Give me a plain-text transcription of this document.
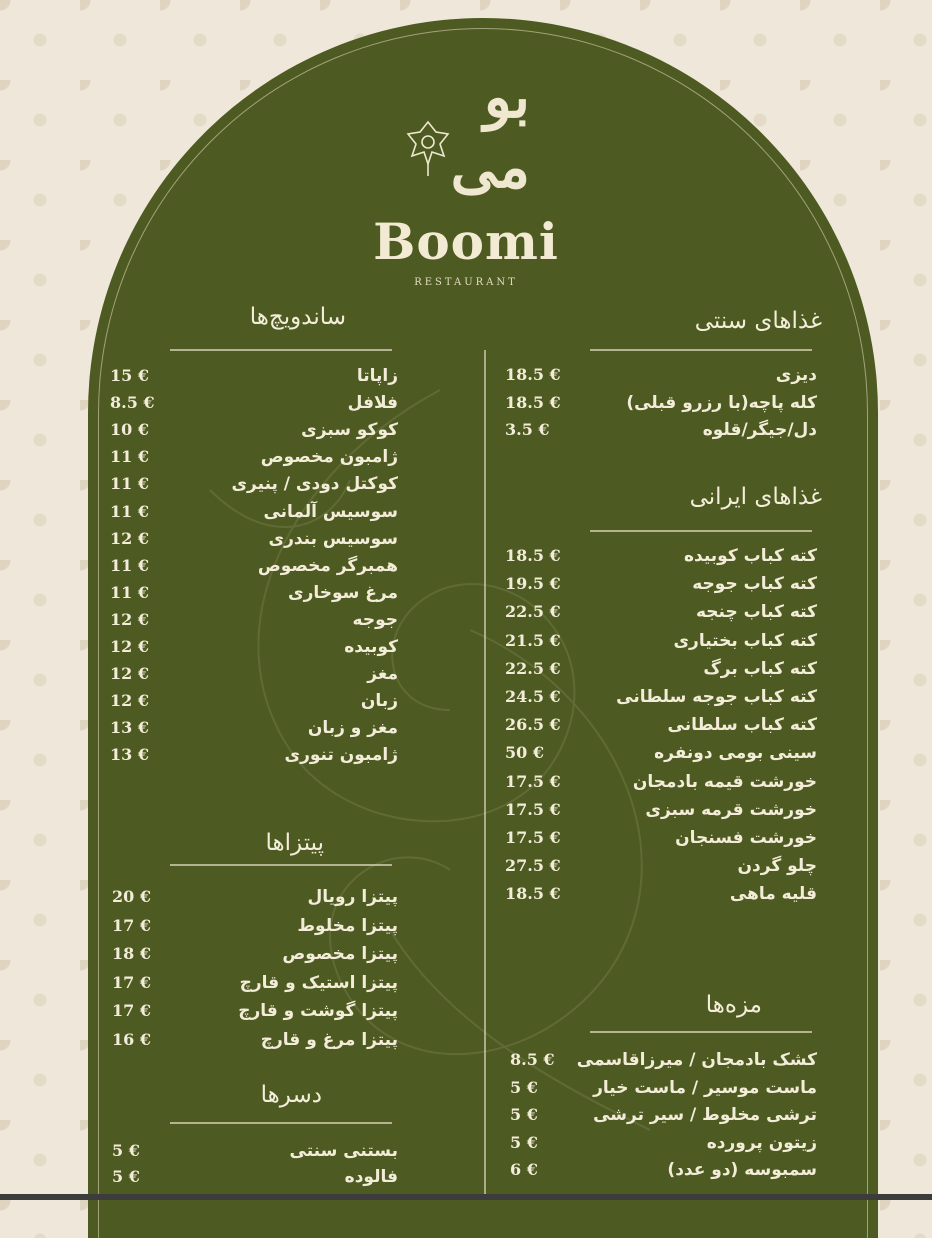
بو
می
Boomi
RESTAURANT
غذاهای سنتی
غذاهای ایرانی
مزه‌ها
ساندویچ‌ها
پیتزاها
دسرها
دیزی
18.5 €
کله پاچه(با رزرو قبلی)
18.5 €
دل/جیگر/قلوه
3.5 €
کته کباب کوبیده
18.5 €
کته کباب جوجه
19.5 €
کته کباب چنجه
22.5 €
کته کباب بختیاری
21.5 €
کته کباب برگ
22.5 €
کته کباب جوجه سلطانی
24.5 €
کته کباب سلطانی
26.5 €
سینی بومی دونفره
50 €
خورشت قیمه بادمجان
17.5 €
خورشت قرمه سبزی
17.5 €
خورشت فسنجان
17.5 €
چلو گردن
27.5 €
قلیه ماهی
18.5 €
کشک بادمجان / میرزاقاسمی
8.5 €
ماست موسیر / ماست خیار
5 €
ترشی مخلوط / سیر ترشی
5 €
زیتون پرورده
5 €
سمبوسه (دو عدد)
6 €
زاپاتا
15 €
فلافل
8.5 €
کوکو سبزی
10 €
ژامبون مخصوص
11 €
کوکتل دودی / پنیری
11 €
سوسیس آلمانی
11 €
سوسیس بندری
12 €
همبرگر مخصوص
11 €
مرغ سوخاری
11 €
جوجه
12 €
کوبیده
12 €
مغز
12 €
زبان
12 €
مغز و زبان
13 €
ژامبون تنوری
13 €
پیتزا رویال
20 €
پیتزا مخلوط
17 €
پیتزا مخصوص
18 €
پیتزا استیک و قارچ
17 €
پیتزا گوشت و قارچ
17 €
پیتزا مرغ و قارچ
16 €
بستنی سنتی
5 €
فالوده
5 €
